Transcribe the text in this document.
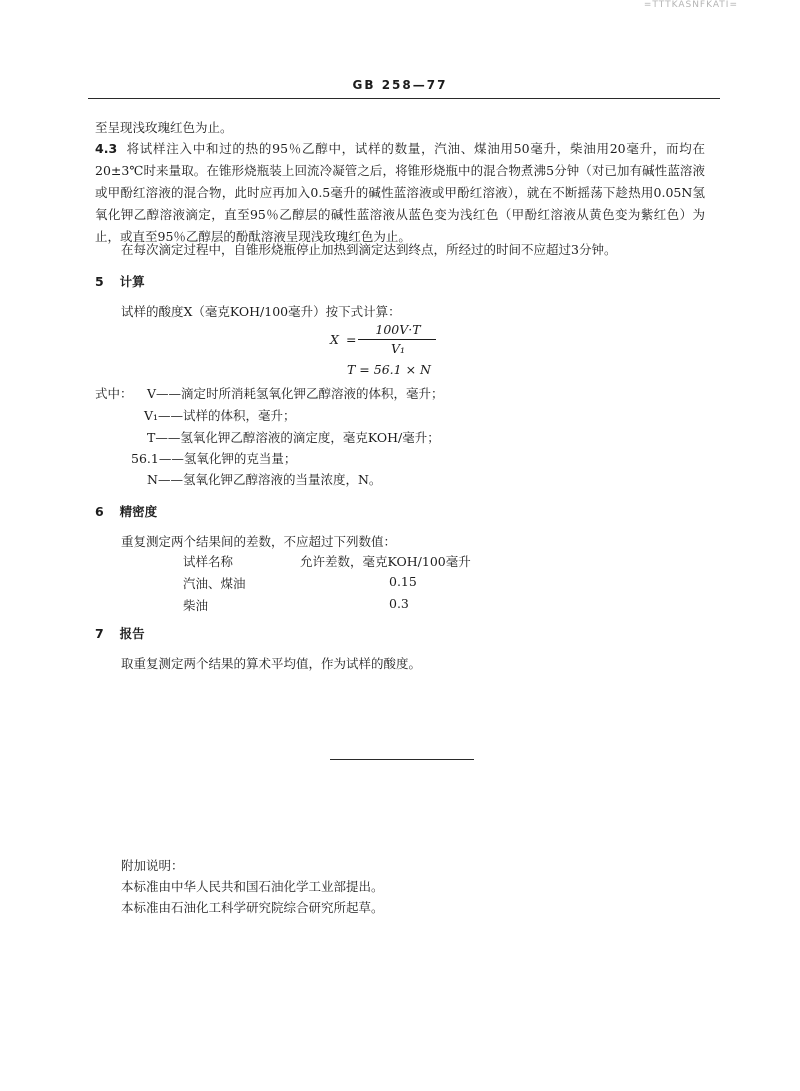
=TTTKASNFKATI=
GB 258—77
至呈现浅玫瑰红色为止。
4.3 将试样注入中和过的热的95％乙醇中，试样的数量，汽油、煤油用50毫升，柴油用20毫升，而均在20±3℃时来量取。在锥形烧瓶装上回流冷凝管之后，将锥形烧瓶中的混合物煮沸5分钟（对已加有碱性蓝溶液或甲酚红溶液的混合物，此时应再加入0.5毫升的碱性蓝溶液或甲酚红溶液），就在不断摇荡下趁热用0.05N氢氧化钾乙醇溶液滴定，直至95％乙醇层的碱性蓝溶液从蓝色变为浅红色（甲酚红溶液从黄色变为紫红色）为止，或直至95％乙醇层的酚酞溶液呈现浅玫瑰红色为止。
在每次滴定过程中，自锥形烧瓶停止加热到滴定达到终点，所经过的时间不应超过3分钟。
5 计算
试样的酸度X（毫克KOH/100毫升）按下式计算：
X =
100V·T
V₁
T = 56.1 × N
式中： V——滴定时所消耗氢氧化钾乙醇溶液的体积，毫升；
V₁——试样的体积，毫升；
T——氢氧化钾乙醇溶液的滴定度，毫克KOH/毫升；
56.1——氢氧化钾的克当量；
N——氢氧化钾乙醇溶液的当量浓度，N。
6 精密度
重复测定两个结果间的差数，不应超过下列数值：
试样名称	允许差数，毫克KOH/100毫升
汽油、煤油	0.15
柴油	0.3
7 报告
取重复测定两个结果的算术平均值，作为试样的酸度。
附加说明：
本标准由中华人民共和国石油化学工业部提出。
本标准由石油化工科学研究院综合研究所起草。
